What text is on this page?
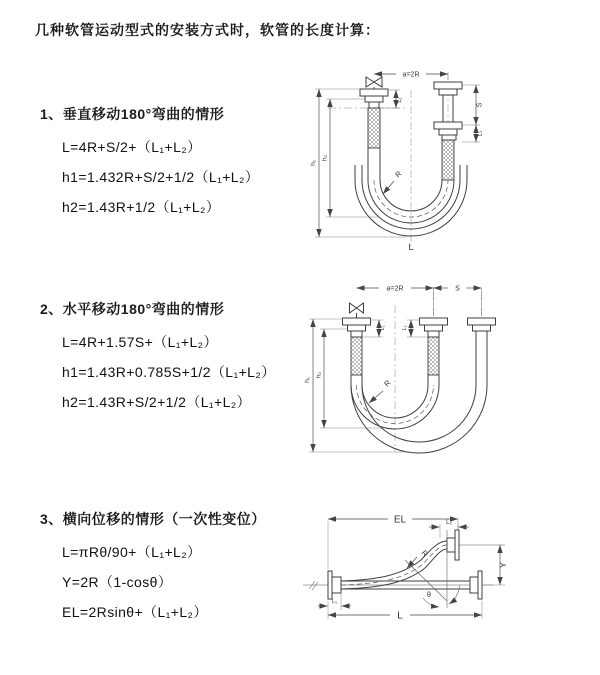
几种软管运动型式的安装方式时，软管的长度计算：
1、垂直移动180°弯曲的情形
L=4R+S/2+（L₁+L₂）
h1=1.432R+S/2+1/2（L₁+L₂）
h2=1.43R+1/2（L₁+L₂）
2、水平移动180°弯曲的情形
L=4R+1.57S+（L₁+L₂）
h1=1.43R+0.785S+1/2（L₁+L₂）
h2=1.43R+S/2+1/2（L₁+L₂）
3、横向位移的情形（一次性变位）
L=πRθ/90+（L₁+L₂）
Y=2R（1-cosθ）
EL=2Rsinθ+（L₁+L₂）
a=2R
S
L₁
h₁
h₂
L₁
R
L
a=2R	S
h₁
h₂
L₁	L₁
R
θ
R
EL	L₂
Y
L
L₁
